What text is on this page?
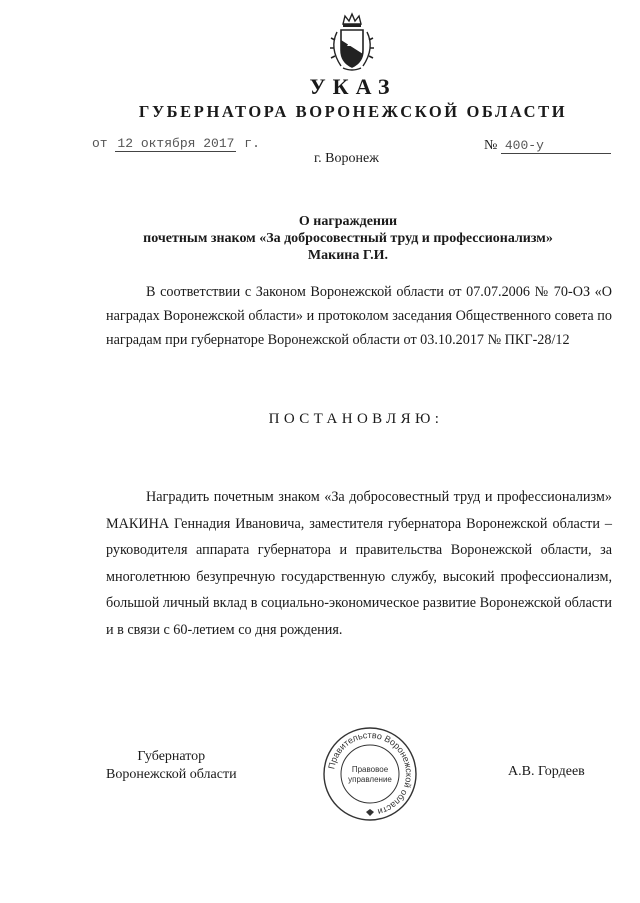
УКАЗ
ГУБЕРНАТОРА ВОРОНЕЖСКОЙ ОБЛАСТИ
от 12 октября 2017 г.	№ 400-у
г. Воронеж
О награждении
почетным знаком «За добросовестный труд и профессионализм»
Макина Г.И.
В соответствии с Законом Воронежской области от 07.07.2006 № 70-ОЗ «О наградах Воронежской области» и протоколом заседания Общественного совета по наградам при губернаторе Воронежской области от 03.10.2017 № ПКГ-28/12
ПОСТАНОВЛЯЮ:
Наградить почетным знаком «За добросовестный труд и профессионализм» МАКИНА Геннадия Ивановича, заместителя губернатора Воронежской области – руководителя аппарата губернатора и правительства Воронежской области, за многолетнюю безупречную государственную службу, высокий профессионализм, большой личный вклад в социально-экономическое развитие Воронежской области и в связи с 60-летием со дня рождения.
Губернатор
Воронежской области
Правительство Воронежской области
Правовое
управление
А.В. Гордеев
